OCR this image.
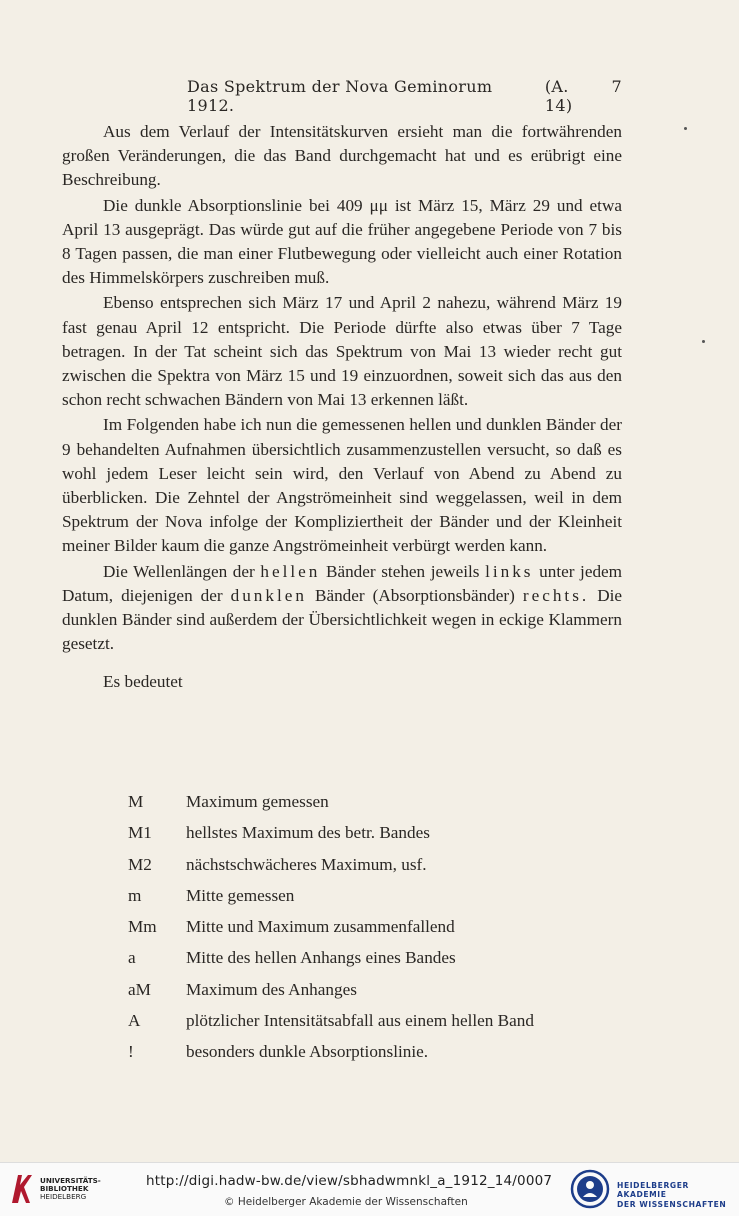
Das Spektrum der Nova Geminorum 1912.
(A. 14)
7

Aus dem Verlauf der Intensitätskurven ersieht man die fortwährenden großen Veränderungen, die das Band durchgemacht hat und es erübrigt eine Beschreibung.

Die dunkle Absorptionslinie bei 409 μμ ist März 15, März 29 und etwa April 13 ausgeprägt. Das würde gut auf die früher angegebene Periode von 7 bis 8 Tagen passen, die man einer Flutbewegung oder vielleicht auch einer Rotation des Himmelskörpers zuschreiben muß.

Ebenso entsprechen sich März 17 und April 2 nahezu, während März 19 fast genau April 12 entspricht. Die Periode dürfte also etwas über 7 Tage betragen. In der Tat scheint sich das Spektrum von Mai 13 wieder recht gut zwischen die Spektra von März 15 und 19 einzuordnen, soweit sich das aus den schon recht schwachen Bändern von Mai 13 erkennen läßt.

Im Folgenden habe ich nun die gemessenen hellen und dunklen Bänder der 9 behandelten Aufnahmen übersichtlich zusammenzustellen versucht, so daß es wohl jedem Leser leicht sein wird, den Verlauf von Abend zu Abend zu überblicken. Die Zehntel der Angströmeinheit sind weggelassen, weil in dem Spektrum der Nova infolge der Kompliziertheit der Bänder und der Kleinheit meiner Bilder kaum die ganze Angströmeinheit verbürgt werden kann.

Die Wellenlängen der hellen Bänder stehen jeweils links unter jedem Datum, diejenigen der dunklen Bänder (Absorptionsbänder) rechts. Die dunklen Bänder sind außerdem der Übersichtlichkeit wegen in eckige Klammern gesetzt.

Es bedeutet

M	Maximum gemessen
M1	hellstes Maximum des betr. Bandes
M2	nächstschwächeres Maximum, usf.
m	Mitte gemessen
Mm	Mitte und Maximum zusammenfallend
a	Mitte des hellen Anhangs eines Bandes
aM	Maximum des Anhanges
A	plötzlicher Intensitätsabfall aus einem hellen Band
!	besonders dunkle Absorptionslinie.
UNIVERSITÄTS-
BIBLIOTHEK
HEIDELBERG
http://digi.hadw-bw.de/view/sbhadwmnkl_a_1912_14/0007
© Heidelberger Akademie der Wissenschaften
HEIDELBERGER AKADEMIE
DER WISSENSCHAFTEN
